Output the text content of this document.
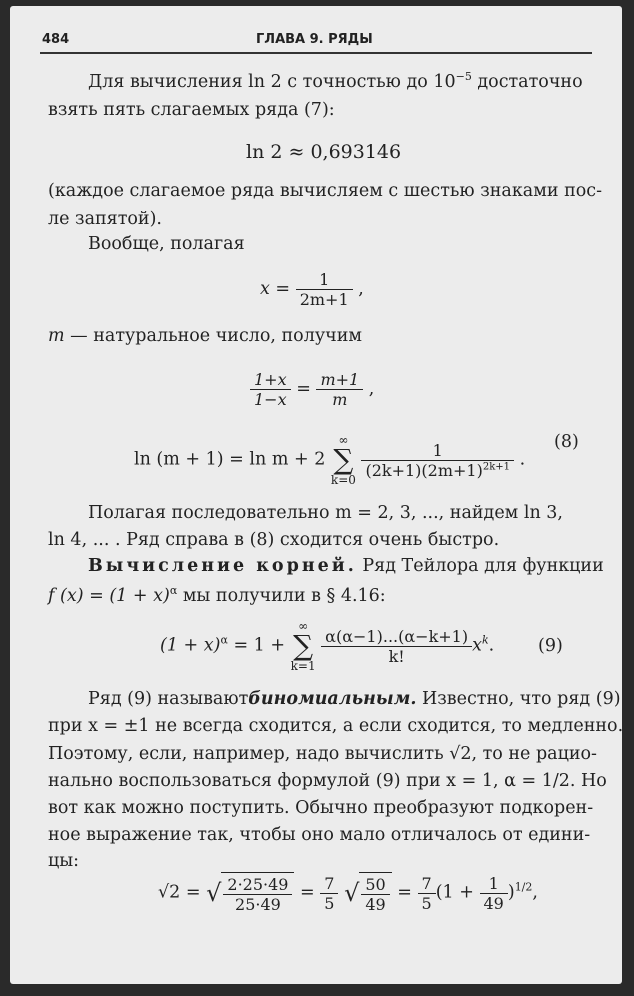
484	ГЛАВА 9. РЯДЫ
Для вычисления ln 2 с точностью до $10^{-5}$ достаточно
взять пять слагаемых ряда (7):
ln 2 ≈ 0,693146
(каждое слагаемое ряда вычисляем с шестью знаками пос-
ле запятой).
Вообще, полагая
$x = \frac{1}{2m+1}$ ,
m — натуральное число, получим
$\frac{1+x}{1-x} = \frac{m+1}{m}$ ,
ln (m + 1) = ln m + 2 ∞
∑
k=0
$\frac{1}{(2k+1)(2m+1)^{2k+1}}$ .
(8)
Полагая последовательно m = 2, 3, ..., найдем ln 3,
ln 4, ... . Ряд справа в (8) сходится очень быстро.
Вычисление корней. Ряд Тейлора для функции
f $(x) = (1 + x)^\alpha$ мы получили в § 4.16:
$(1 + x)^\alpha = 1$ + ∞
∑
k=1
$\frac{\alpha(\alpha-1)...(\alpha-k+1)}{k!} x^k$.	(9)
Ряд (9) называютбиномиальным. Известно, что ряд (9)
при x = ±1 не всегда сходится, а если сходится, то медленно.
Поэтому, если, например, надо вычислить √2, то не рацио-
нально воспользоваться формулой (9) при x = 1, α = 1/2. Но
вот как можно поступить. Обычно преобразуют подкорен-
ное выражение так, чтобы оно мало отличалось от едини-
цы:
√2 = √ $\frac{2\cdot 25\cdot 49}{25\cdot 49} = \frac{7}{5}$ √ $\frac{50}{49} = \frac{7}{5} (1 + \frac{1}{49} )^{1/2}$,
